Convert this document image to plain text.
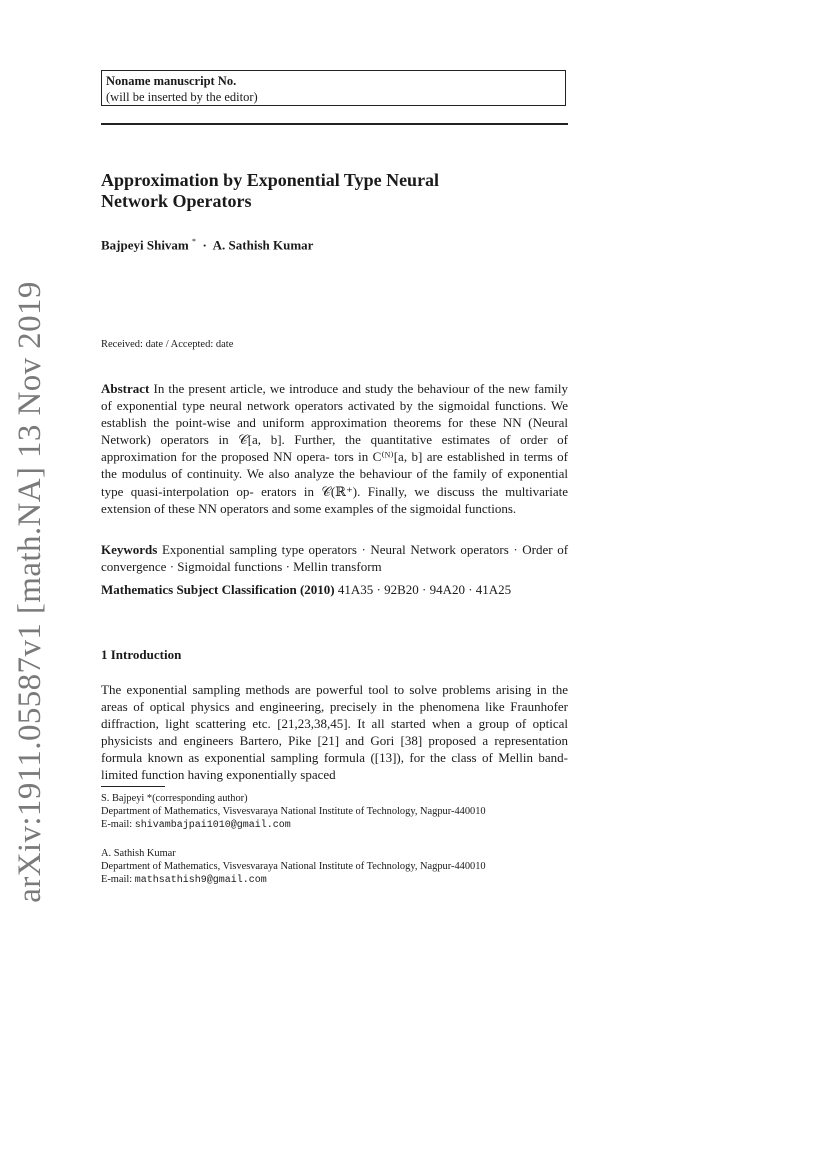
arXiv:1911.05587v1 [math.NA] 13 Nov 2019
Noname manuscript No.
(will be inserted by the editor)
Approximation by Exponential Type Neural
Network Operators
Bajpeyi Shivam * · A. Sathish Kumar
Received: date / Accepted: date
Abstract In the present article, we introduce and study the behaviour of the new family of exponential type neural network operators activated by the sigmoidal functions. We establish the point-wise and uniform approximation theorems for these NN (Neural Network) operators in 𝒞[a, b]. Further, the quantitative estimates of order of approximation for the proposed NN opera- tors in C⁽ᴺ⁾[a, b] are established in terms of the modulus of continuity. We also analyze the behaviour of the family of exponential type quasi-interpolation op- erators in 𝒞(ℝ⁺). Finally, we discuss the multivariate extension of these NN operators and some examples of the sigmoidal functions.
Keywords Exponential sampling type operators · Neural Network operators · Order of convergence · Sigmoidal functions · Mellin transform
Mathematics Subject Classification (2010) 41A35 · 92B20 · 94A20 · 41A25
1 Introduction
The exponential sampling methods are powerful tool to solve problems arising in the areas of optical physics and engineering, precisely in the phenomena like Fraunhofer diffraction, light scattering etc. [21,23,38,45]. It all started when a group of optical physicists and engineers Bartero, Pike [21] and Gori [38] proposed a representation formula known as exponential sampling formula ([13]), for the class of Mellin band-limited function having exponentially spaced
S. Bajpeyi *(corresponding author)
Department of Mathematics, Visvesvaraya National Institute of Technology, Nagpur-440010
E-mail: shivambajpai1010@gmail.com
A. Sathish Kumar
Department of Mathematics, Visvesvaraya National Institute of Technology, Nagpur-440010
E-mail: mathsathish9@gmail.com
